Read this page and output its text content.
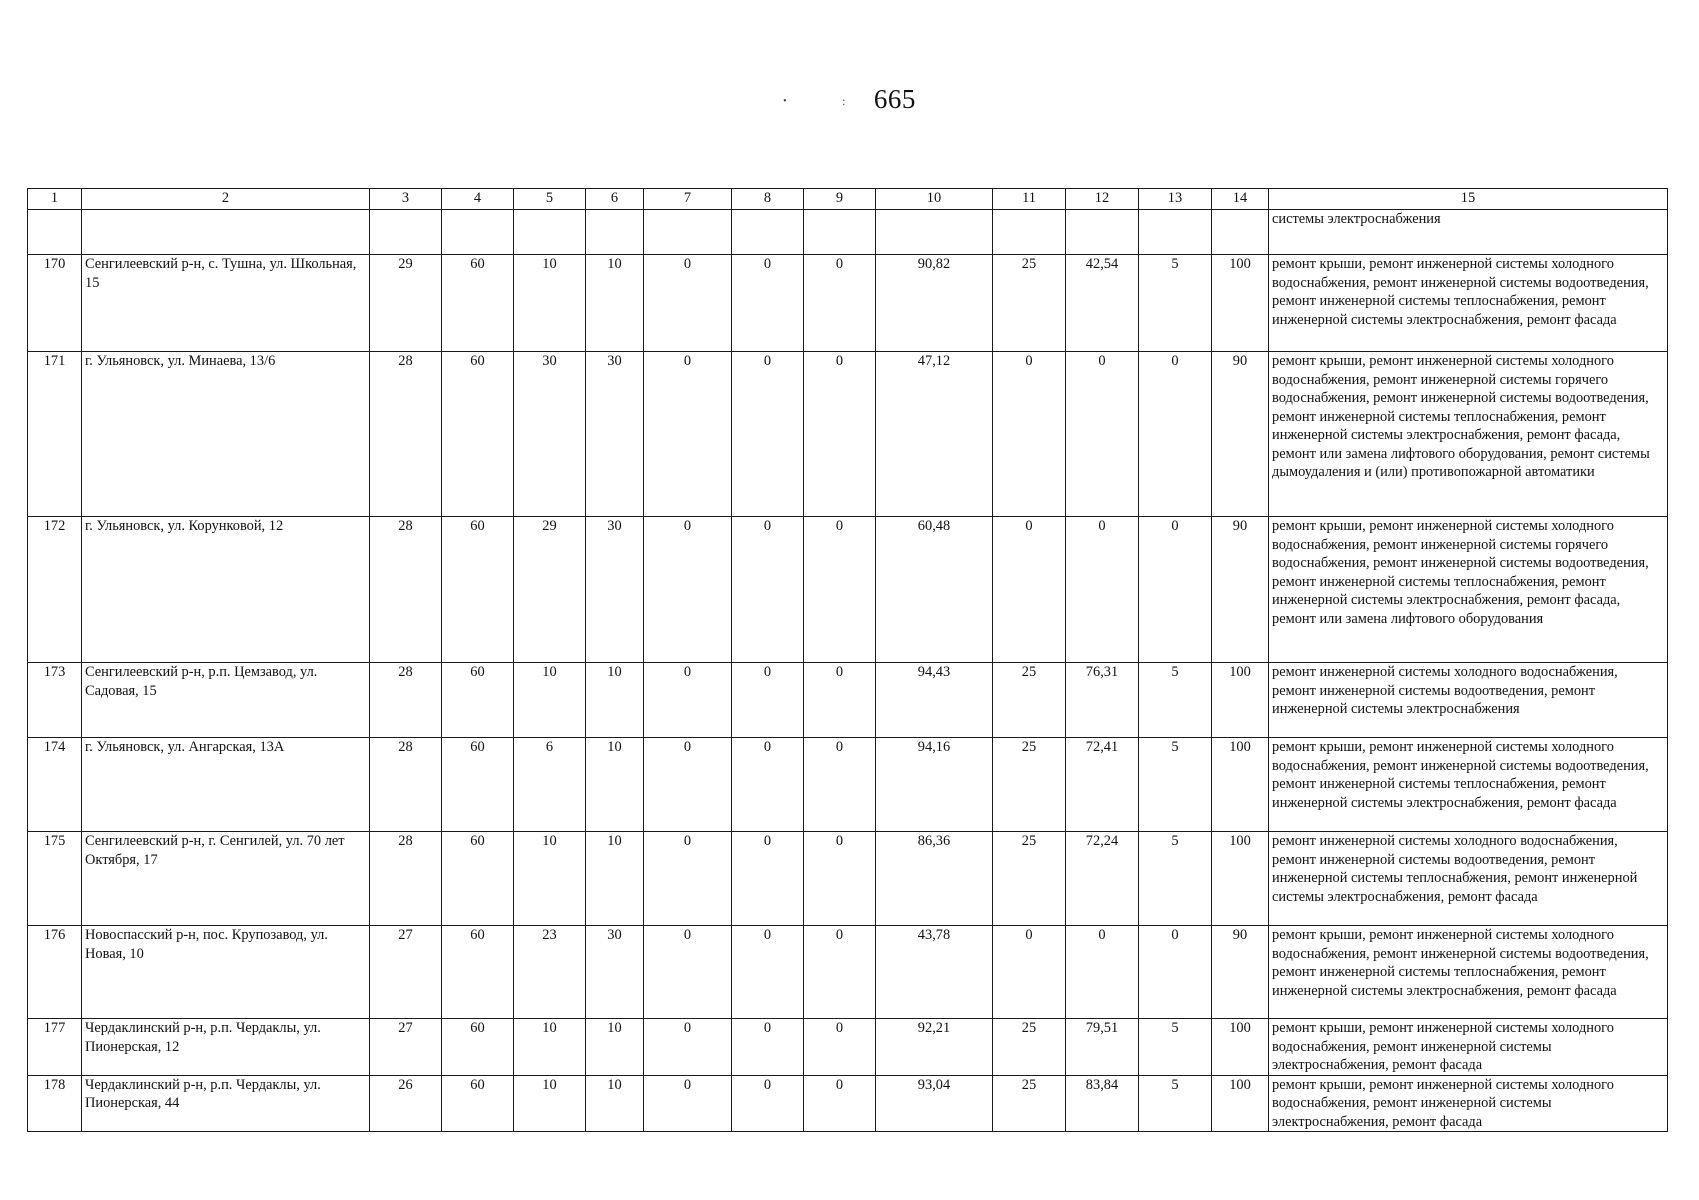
•	: 665
1	2	3	4	5	6	7	8	9	10	11	12	13	14	15
														системы электроснабжения
170	Сенгилеевский р-н, с. Тушна, ул. Школьная, 15	29	60	10	10	0	0	0	90,82	25	42,54	5	100	ремонт крыши, ремонт инженерной системы холодного водоснабжения, ремонт инженерной системы водоотведения, ремонт инженерной системы теплоснабжения, ремонт инженерной системы электроснабжения, ремонт фасада
171	г. Ульяновск, ул. Минаева, 13/6	28	60	30	30	0	0	0	47,12	0	0	0	90	ремонт крыши, ремонт инженерной системы холодного водоснабжения, ремонт инженерной системы горячего водоснабжения, ремонт инженерной системы водоотведения, ремонт инженерной системы теплоснабжения, ремонт инженерной системы электроснабжения, ремонт фасада, ремонт или замена лифтового оборудования, ремонт системы дымоудаления и (или) противопожарной автоматики
172	г. Ульяновск, ул. Корунковой, 12	28	60	29	30	0	0	0	60,48	0	0	0	90	ремонт крыши, ремонт инженерной системы холодного водоснабжения, ремонт инженерной системы горячего водоснабжения, ремонт инженерной системы водоотведения, ремонт инженерной системы теплоснабжения, ремонт инженерной системы электроснабжения, ремонт фасада, ремонт или замена лифтового оборудования
173	Сенгилеевский р-н, р.п. Цемзавод, ул. Садовая, 15	28	60	10	10	0	0	0	94,43	25	76,31	5	100	ремонт инженерной системы холодного водоснабжения, ремонт инженерной системы водоотведения, ремонт инженерной системы электроснабжения
174	г. Ульяновск, ул. Ангарская, 13А	28	60	6	10	0	0	0	94,16	25	72,41	5	100	ремонт крыши, ремонт инженерной системы холодного водоснабжения, ремонт инженерной системы водоотведения, ремонт инженерной системы теплоснабжения, ремонт инженерной системы электроснабжения, ремонт фасада
175	Сенгилеевский р-н, г. Сенгилей, ул. 70 лет Октября, 17	28	60	10	10	0	0	0	86,36	25	72,24	5	100	ремонт инженерной системы холодного водоснабжения, ремонт инженерной системы водоотведения, ремонт инженерной системы теплоснабжения, ремонт инженерной системы электроснабжения, ремонт фасада
176	Новоспасский р-н, пос. Крупозавод, ул. Новая, 10	27	60	23	30	0	0	0	43,78	0	0	0	90	ремонт крыши, ремонт инженерной системы холодного водоснабжения, ремонт инженерной системы водоотведения, ремонт инженерной системы теплоснабжения, ремонт инженерной системы электроснабжения, ремонт фасада
177	Чердаклинский р-н, р.п. Чердаклы, ул. Пионерская, 12	27	60	10	10	0	0	0	92,21	25	79,51	5	100	ремонт крыши, ремонт инженерной системы холодного водоснабжения, ремонт инженерной системы электроснабжения, ремонт фасада
178	Чердаклинский р-н, р.п. Чердаклы, ул. Пионерская, 44	26	60	10	10	0	0	0	93,04	25	83,84	5	100	ремонт крыши, ремонт инженерной системы холодного водоснабжения, ремонт инженерной системы электроснабжения, ремонт фасада
